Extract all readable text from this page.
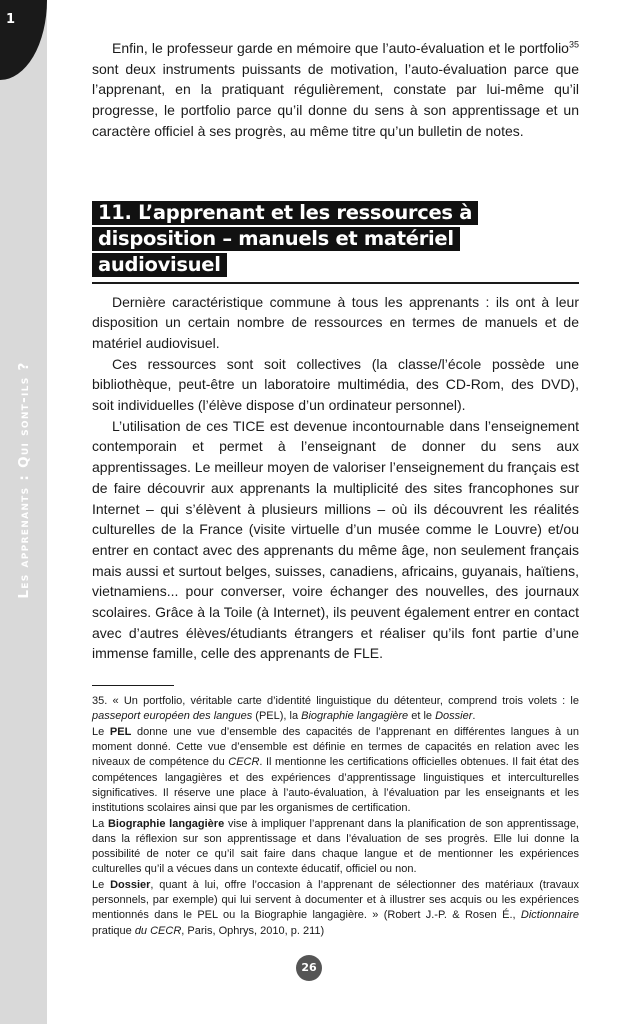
1
Les apprenants : Qui sont-ils ?

Enfin, le professeur garde en mémoire que l’auto-évaluation et le portfolio$^{35}$ sont deux instruments puissants de motivation, l’auto-évaluation parce que l’apprenant, en la pratiquant régulièrement, constate par lui-même qu’il progresse, le portfolio parce qu’il donne du sens à son apprentissage et un caractère officiel à ses progrès, au même titre qu’un bulletin de notes.

11. L’apprenant et les ressources à disposition – manuels et matériel audiovisuel

Dernière caractéristique commune à tous les apprenants : ils ont à leur disposition un certain nombre de ressources en termes de manuels et de matériel audiovisuel.

Ces ressources sont soit collectives (la classe/l’école possède une bibliothèque, peut-être un laboratoire multimédia, des CD-Rom, des DVD), soit individuelles (l’élève dispose d’un ordinateur personnel).

L’utilisation de ces TICE est devenue incontournable dans l’enseignement contemporain et permet à l’enseignant de donner du sens aux apprentissages. Le meilleur moyen de valoriser l’enseignement du français est de faire découvrir aux apprenants la multiplicité des sites francophones sur Internet – qui s’élèvent à plusieurs millions – où ils découvrent les réalités culturelles de la France (visite virtuelle d’un musée comme le Louvre) et/ou entrer en contact avec des apprenants du même âge, non seulement français mais aussi et surtout belges, suisses, canadiens, africains, guyanais, haïtiens, vietnamiens... pour converser, voire échanger des nouvelles, des journaux scolaires. Grâce à la Toile (à Internet), ils peuvent également entrer en contact avec d’autres élèves/étudiants étrangers et réaliser qu’ils font partie d’une immense famille, celle des apprenants de FLE.

35. « Un portfolio, véritable carte d’identité linguistique du détenteur, comprend trois volets : le passeport européen des langues (PEL), la Biographie langagière et le Dossier.

Le PEL donne une vue d’ensemble des capacités de l’apprenant en différentes langues à un moment donné. Cette vue d’ensemble est définie en termes de capacités en relation avec les niveaux de compétence du CECR. Il mentionne les certifications officielles obtenues. Il fait état des compétences langagières et des expériences d’apprentissage linguistiques et interculturelles significatives. Il réserve une place à l’auto-évaluation, à l’évaluation par les enseignants et les institutions scolaires ainsi que par les organismes de certification.

La Biographie langagière vise à impliquer l’apprenant dans la planification de son apprentissage, dans la réflexion sur son apprentissage et dans l’évaluation de ses progrès. Elle lui donne la possibilité de noter ce qu’il sait faire dans chaque langue et de mentionner les expériences culturelles qu’il a vécues dans un contexte éducatif, officiel ou non.

Le Dossier, quant à lui, offre l’occasion à l’apprenant de sélectionner des matériaux (travaux personnels, par exemple) qui lui servent à documenter et à illustrer ses acquis ou les expériences mentionnés dans le PEL ou la Biographie langagière. » (Robert J.-P. & Rosen É., Dictionnaire pratique du CECR, Paris, Ophrys, 2010, p. 211)

26
